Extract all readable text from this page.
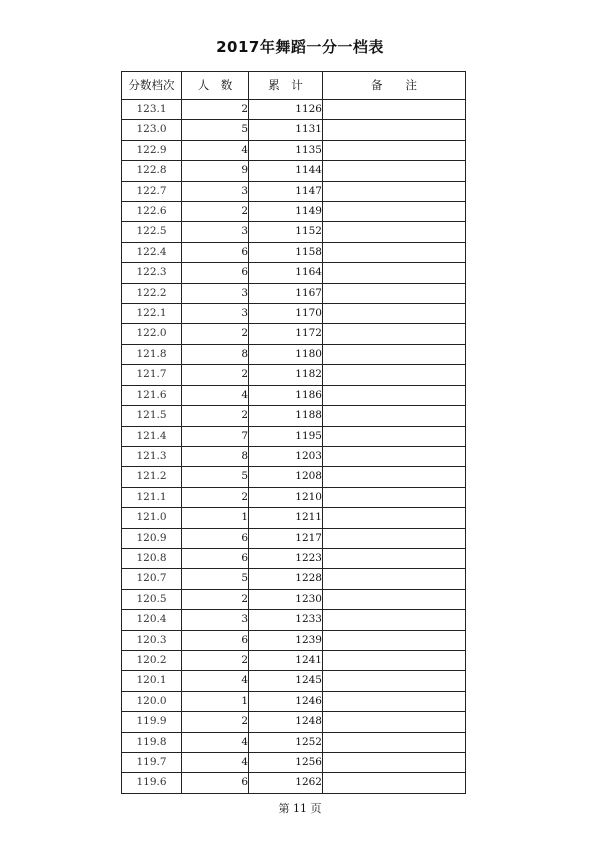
2017年舞蹈一分一档表
分数档次	人　数	累　计	备　　注
123.1	2	1126	
123.0	5	1131	
122.9	4	1135	
122.8	9	1144	
122.7	3	1147	
122.6	2	1149	
122.5	3	1152	
122.4	6	1158	
122.3	6	1164	
122.2	3	1167	
122.1	3	1170	
122.0	2	1172	
121.8	8	1180	
121.7	2	1182	
121.6	4	1186	
121.5	2	1188	
121.4	7	1195	
121.3	8	1203	
121.2	5	1208	
121.1	2	1210	
121.0	1	1211	
120.9	6	1217	
120.8	6	1223	
120.7	5	1228	
120.5	2	1230	
120.4	3	1233	
120.3	6	1239	
120.2	2	1241	
120.1	4	1245	
120.0	1	1246	
119.9	2	1248	
119.8	4	1252	
119.7	4	1256	
119.6	6	1262	
第 11 页
